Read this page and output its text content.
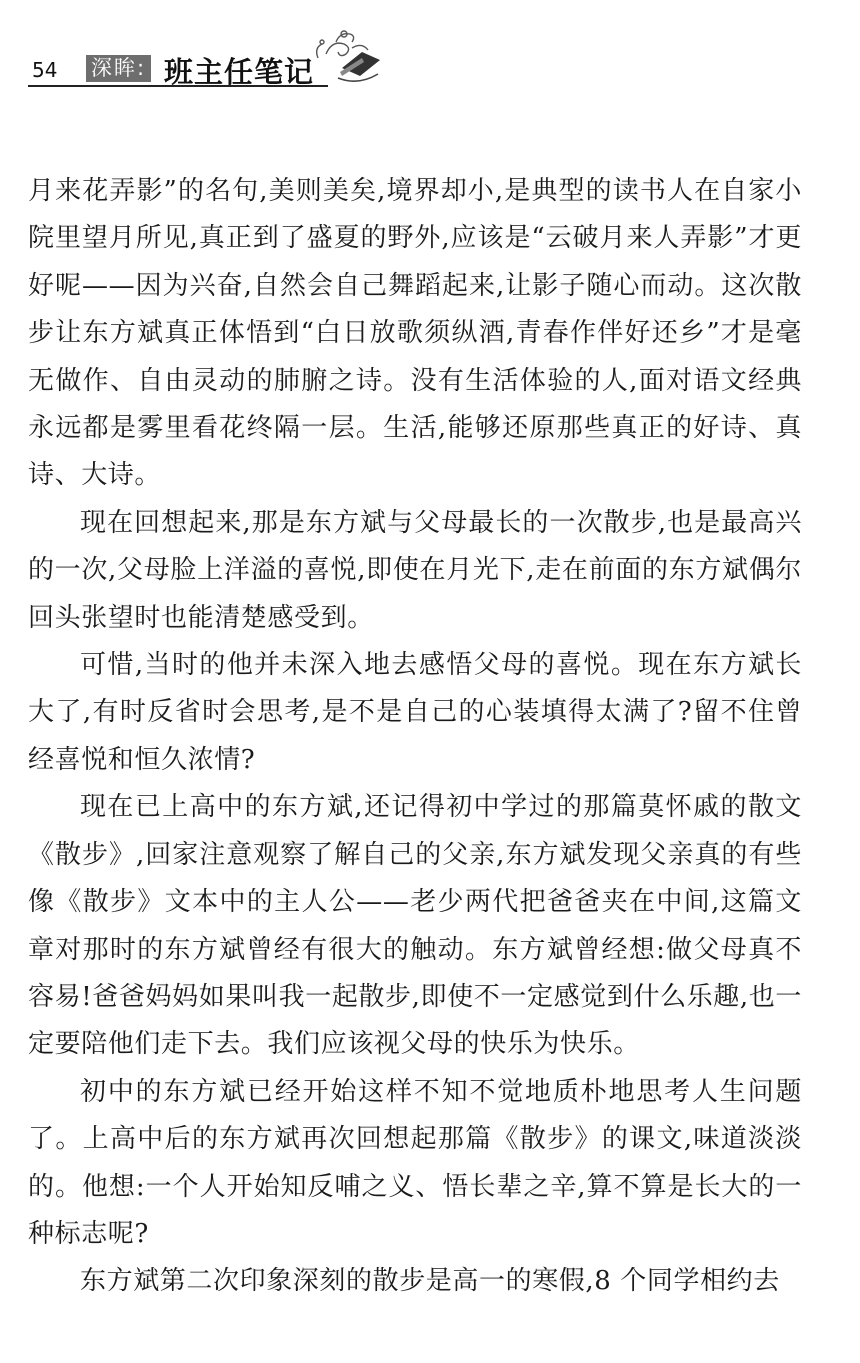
54 深眸: 班主任笔记

月来花弄影”的名句,美则美矣,境界却小,是典型的读书人在自家小院里望月所见,真正到了盛夏的野外,应该是“云破月来人弄影”才更好呢——因为兴奋,自然会自己舞蹈起来,让影子随心而动。这次散步让东方斌真正体悟到“白日放歌须纵酒,青春作伴好还乡”才是毫无做作、自由灵动的肺腑之诗。没有生活体验的人,面对语文经典永远都是雾里看花终隔一层。生活,能够还原那些真正的好诗、真诗、大诗。

现在回想起来,那是东方斌与父母最长的一次散步,也是最高兴的一次,父母脸上洋溢的喜悦,即使在月光下,走在前面的东方斌偶尔回头张望时也能清楚感受到。

可惜,当时的他并未深入地去感悟父母的喜悦。现在东方斌长大了,有时反省时会思考,是不是自己的心装填得太满了?留不住曾经喜悦和恒久浓情?

现在已上高中的东方斌,还记得初中学过的那篇莫怀戚的散文《散步》,回家注意观察了解自己的父亲,东方斌发现父亲真的有些像《散步》文本中的主人公——老少两代把爸爸夹在中间,这篇文章对那时的东方斌曾经有很大的触动。东方斌曾经想:做父母真不容易!爸爸妈妈如果叫我一起散步,即使不一定感觉到什么乐趣,也一定要陪他们走下去。我们应该视父母的快乐为快乐。

初中的东方斌已经开始这样不知不觉地质朴地思考人生问题了。上高中后的东方斌再次回想起那篇《散步》的课文,味道淡淡的。他想:一个人开始知反哺之义、悟长辈之辛,算不算是长大的一种标志呢?

东方斌第二次印象深刻的散步是高一的寒假,8 个同学相约去
